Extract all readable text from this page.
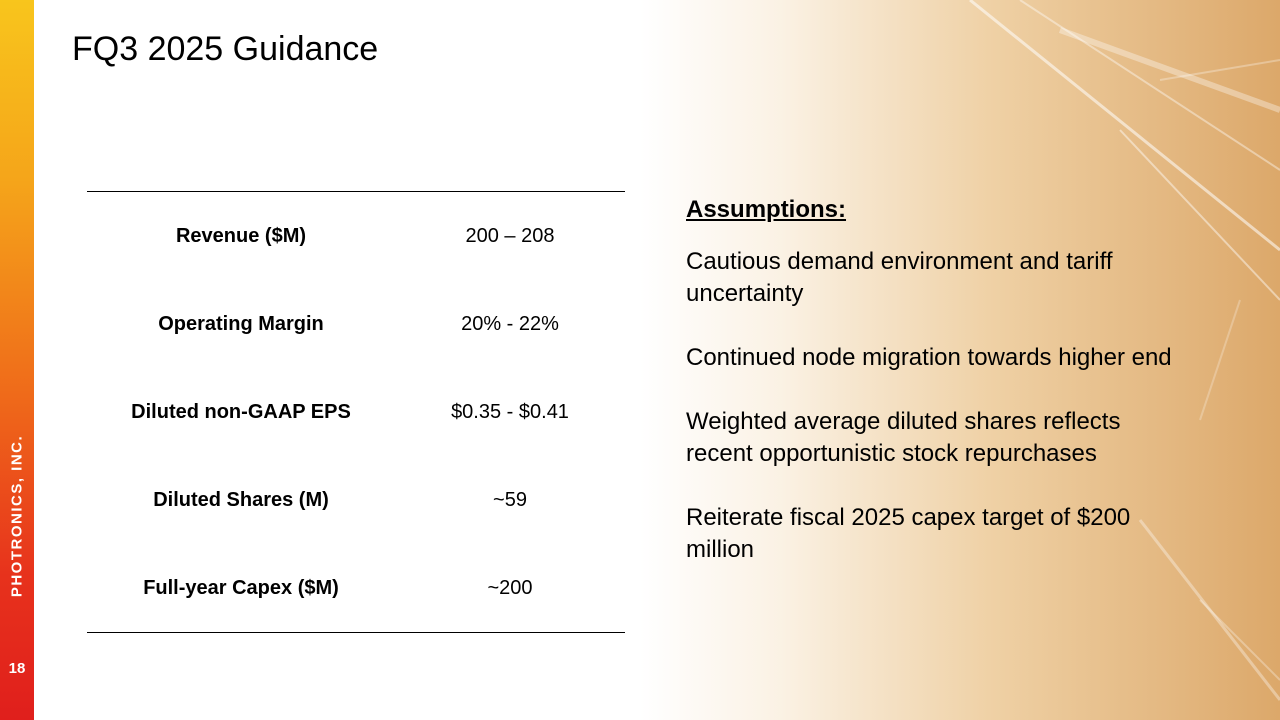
PHOTRONICS, INC.
18
FQ3 2025 Guidance
Revenue ($M)	200 – 208
Operating Margin	20% - 22%
Diluted non-GAAP EPS	$0.35 - $0.41
Diluted Shares (M)	~59
Full-year Capex ($M)	~200
Assumptions:
Cautious demand environment and tariff uncertainty
Continued node migration towards higher end
Weighted average diluted shares reflects recent opportunistic stock repurchases
Reiterate fiscal 2025 capex target of $200 million
